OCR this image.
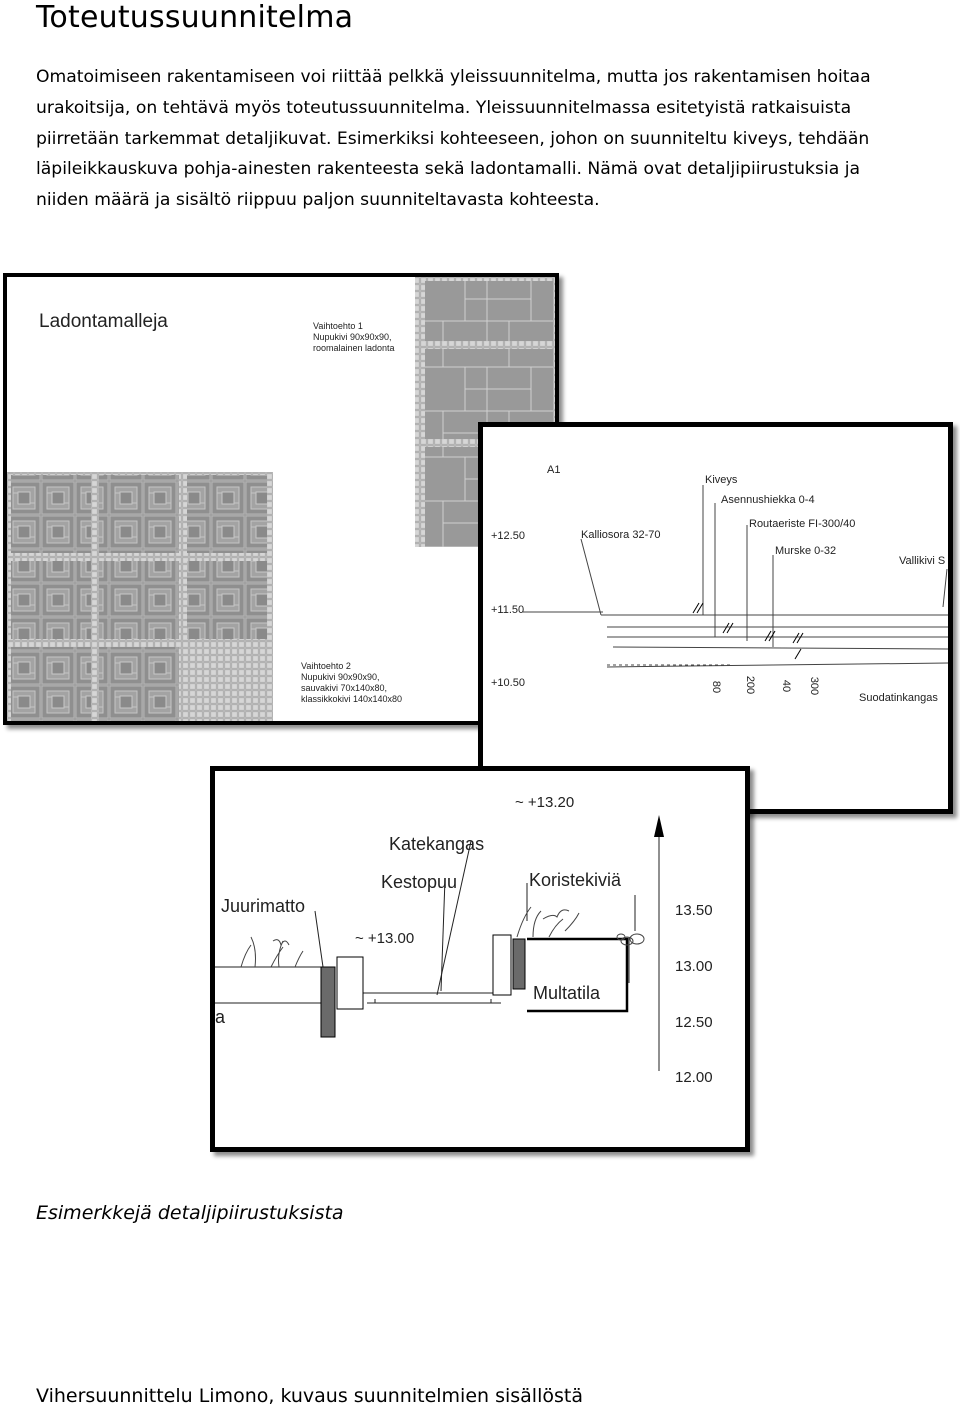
Toteutussuunnitelma

Omatoimiseen rakentamiseen voi riittää pelkkä yleissuunnitelma, mutta jos rakentamisen hoitaa urakoitsija, on tehtävä myös toteutussuunnitelma. Yleissuunnitelmassa esitetyistä ratkaisuista piirretään tarkemmat detaljikuvat. Esimerkiksi kohteeseen, johon on suunniteltu kiveys, tehdään läpileikkauskuva pohja-ainesten rakenteesta sekä ladontamalli. Nämä ovat detaljipiirustuksia ja niiden määrä ja sisältö riippuu paljon suunniteltavasta kohteesta.

Ladontamalleja	Vaihtoehto 1
Nupukivi 90x90x90,
roomalainen ladonta
Vaihtoehto 2
Nupukivi 90x90x90,
sauvakivi 70x140x80,
klassikkokivi 140x140x80
A1
Kiveys
Asennushiekka 0-4
Routaeriste FI-300/40
Murske 0-32
Vallikivi S
Kalliosora 32-70
+12.50
+11.50
+10.50	80 200 40 300
Suodatinkangas
~ +13.20
Katekangas
Kestopuu	Koristekiviä
Juurimatto
~ +13.00
Multatila
a
13.50
13.00
12.50
12.00
Esimerkkejä detaljipiirustuksista
Vihersuunnittelu Limono, kuvaus suunnitelmien sisällöstä
